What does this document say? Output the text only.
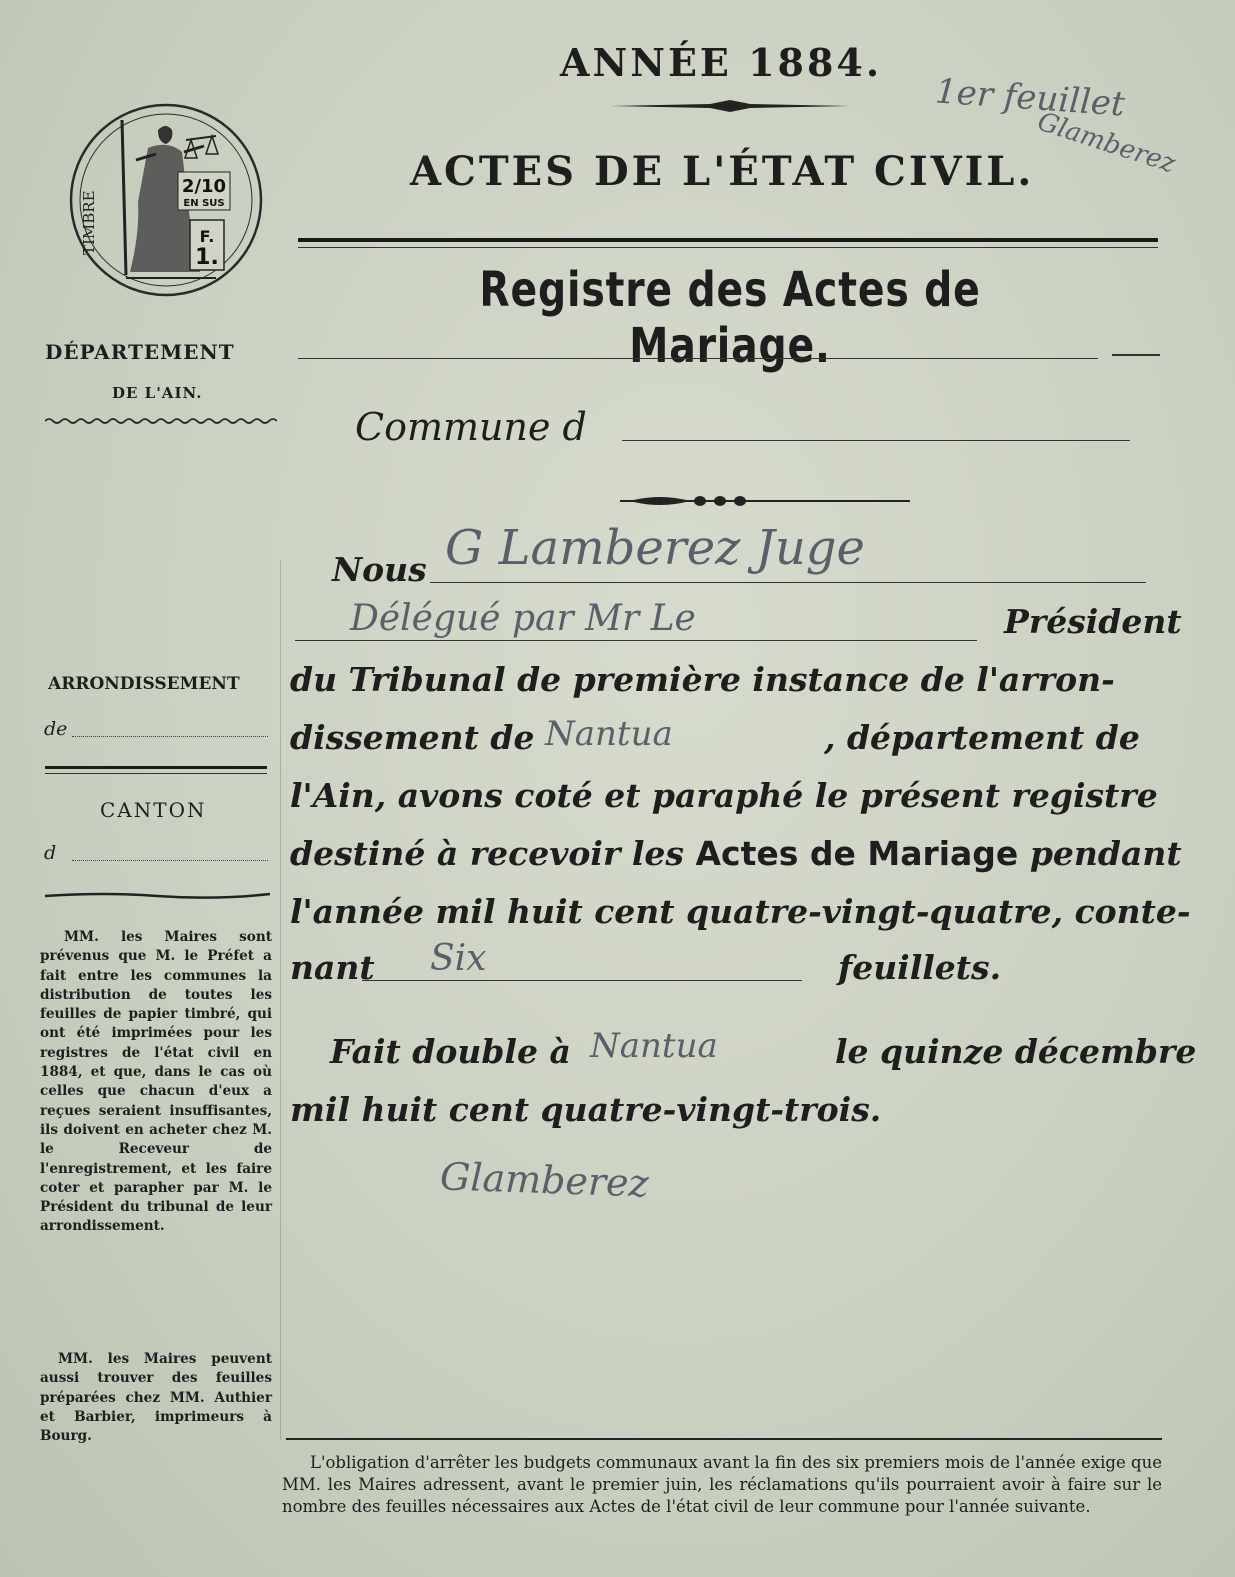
2/10
EN SUS
F.
1.
TIMBRE
ANNÉE 1884.
ACTES DE L'ÉTAT CIVIL.
1er feuillet
Glamberez
Registre des Actes de Mariage.
Commune d
DÉPARTEMENT
DE L'AIN.
ARRONDISSEMENT
de
CANTON
d
MM. les Maires sont prévenus que M. le Préfet a fait entre les communes la distribution de toutes les feuilles de papier timbré, qui ont été imprimées pour les registres de l'état civil en 1884, et que, dans le cas où celles que chacun d'eux a reçues seraient insuffisantes, ils doivent en acheter chez M. le Receveur de l'enregistrement, et les faire coter et parapher par M. le Président du tribunal de leur arrondissement.
MM. les Maires peuvent aussi trouver des feuilles préparées chez MM. Authier et Barbier, imprimeurs à Bourg.
Nous G Lamberez Juge
Délégué par Mr Le	Président
du Tribunal de première instance de l'arron-
dissement de Nantua	, département de
l'Ain, avons coté et paraphé le présent registre
destiné à recevoir les Actes de Mariage pendant
l'année mil huit cent quatre-vingt-quatre, conte-
nant	Six	feuillets.
Fait double à Nantua	le quinze décembre
mil huit cent quatre-vingt-trois.
Glamberez
L'obligation d'arrêter les budgets communaux avant la fin des six premiers mois de l'année exige que MM. les Maires adressent, avant le premier juin, les réclamations qu'ils pourraient avoir à faire sur le nombre des feuilles nécessaires aux Actes de l'état civil de leur commune pour l'année suivante.
